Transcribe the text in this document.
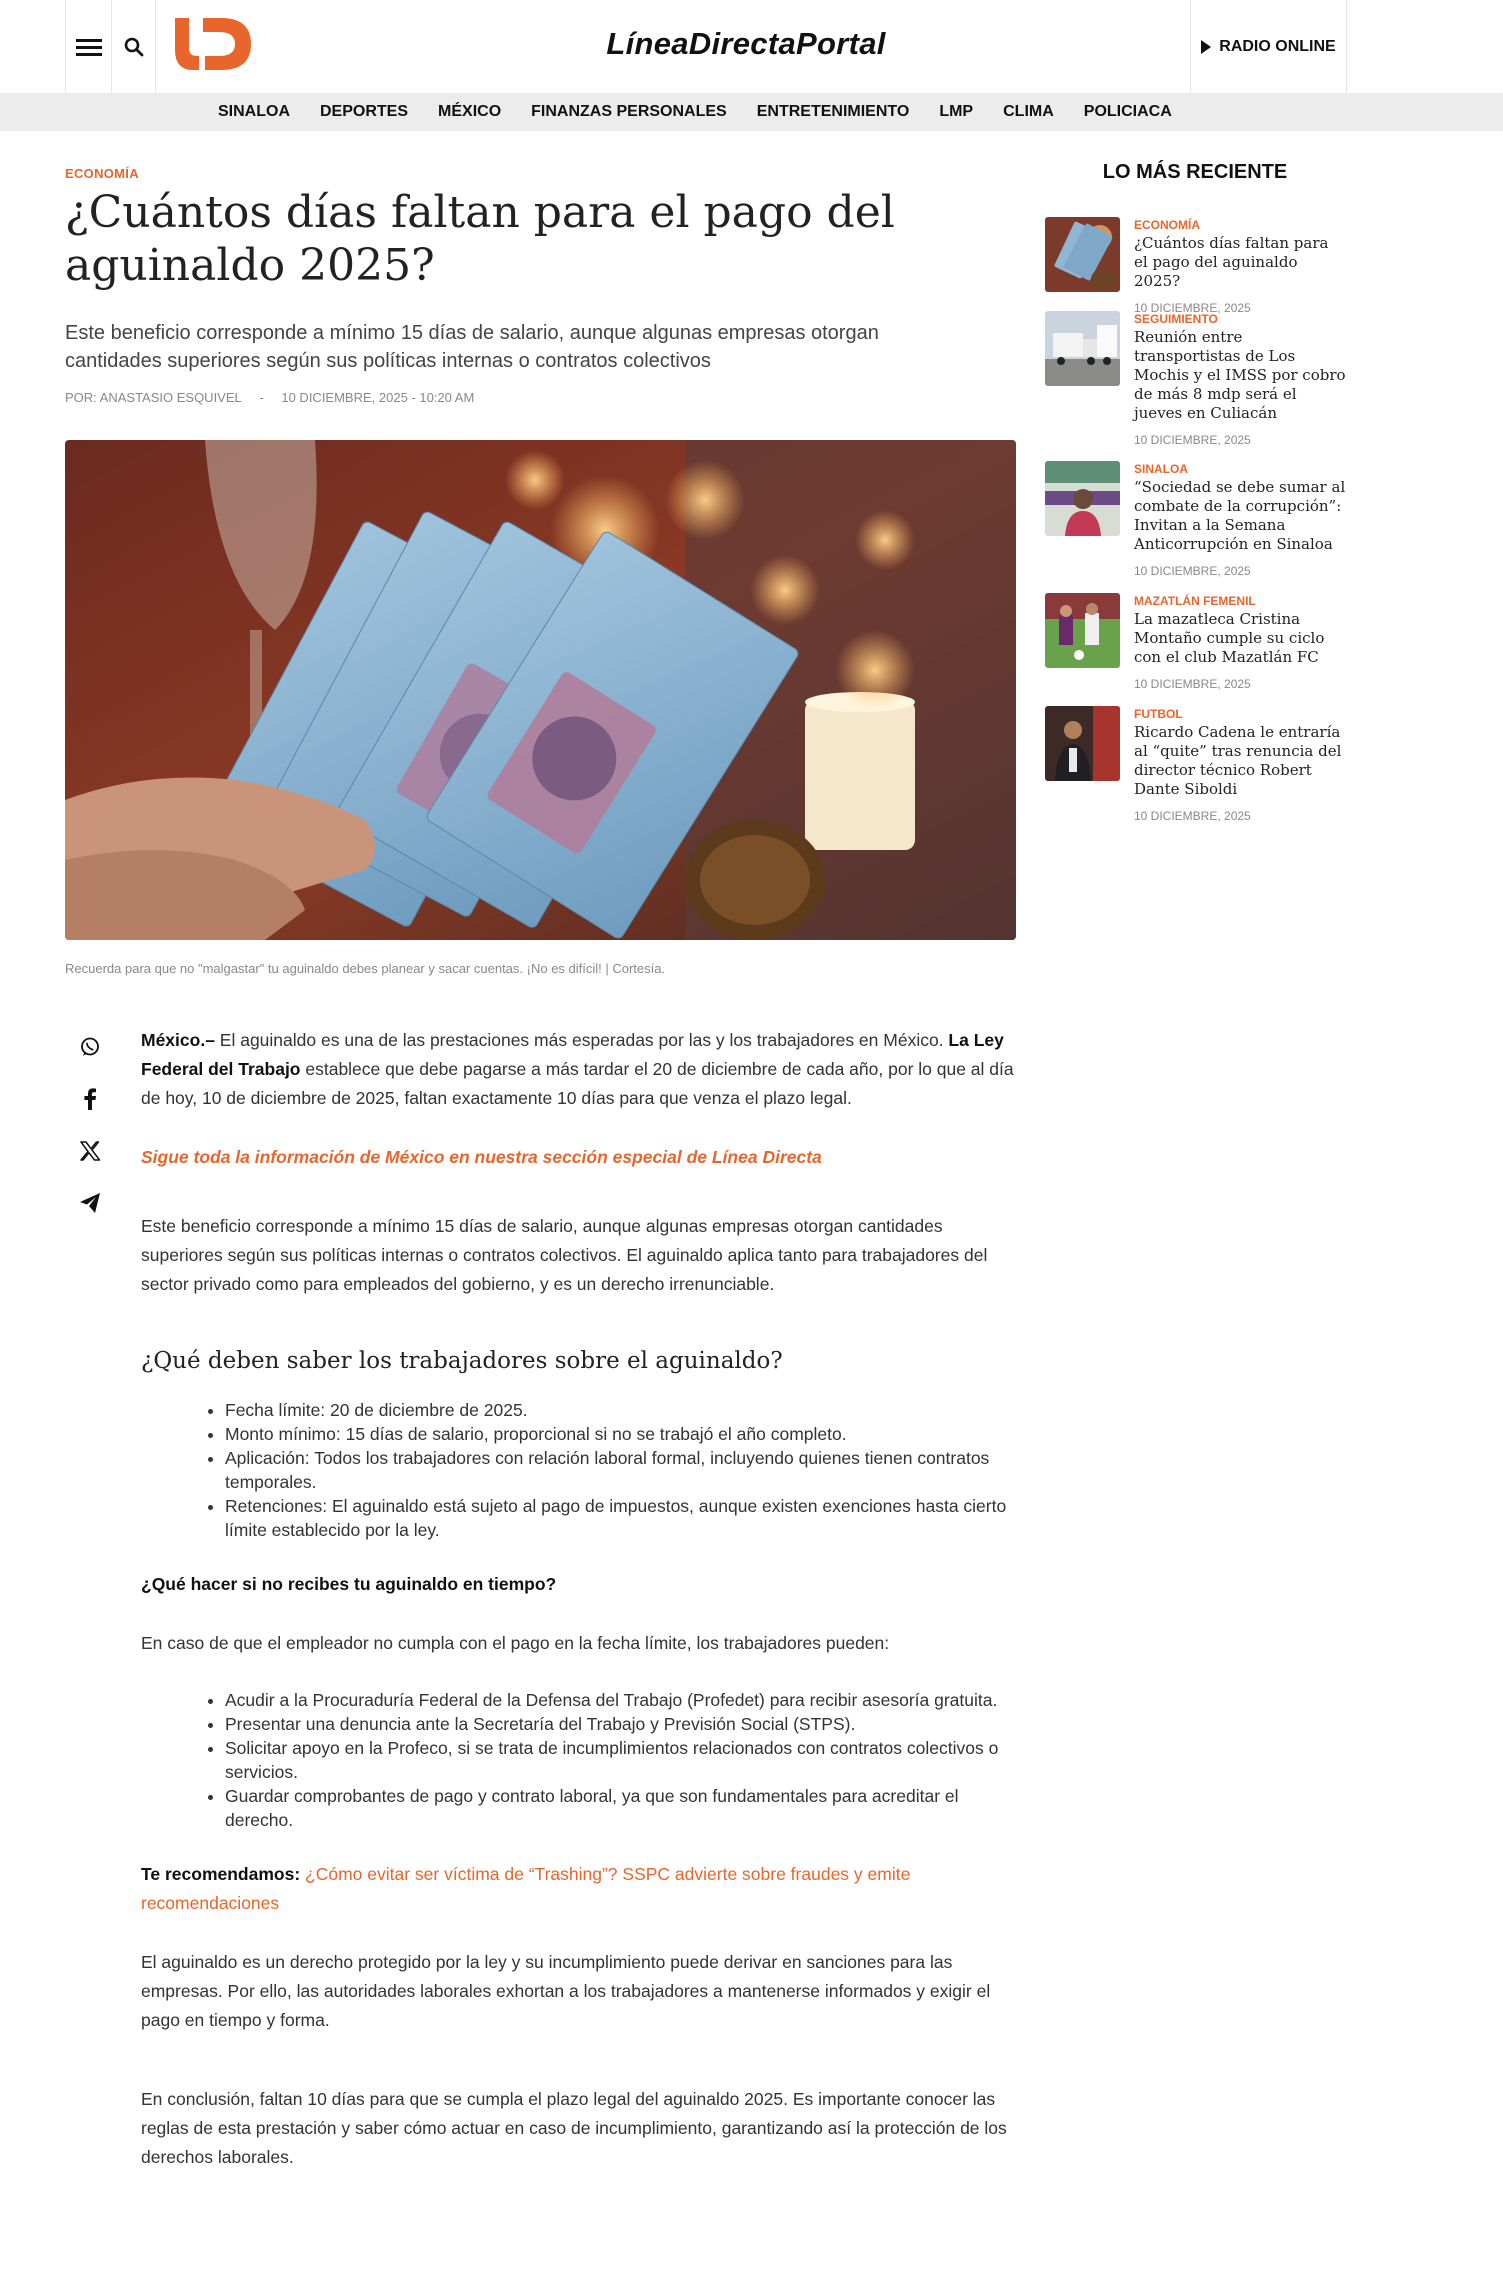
LíneaDirectaPortal	RADIO ONLINE
SINALOA DEPORTES MÉXICO FINANZAS PERSONALES ENTRETENIMIENTO LMP CLIMA POLICIACA
ECONOMÍA
¿Cuántos días faltan para el pago del aguinaldo 2025?
Este beneficio corresponde a mínimo 15 días de salario, aunque algunas empresas otorgan cantidades superiores según sus políticas internas o contratos colectivos
POR: ANASTASIO ESQUIVEL - 10 DICIEMBRE, 2025 - 10:20 AM
Recuerda para que no "malgastar" tu aguinaldo debes planear y sacar cuentas. ¡No es difícil! | Cortesía.

México.– El aguinaldo es una de las prestaciones más esperadas por las y los trabajadores en México. La Ley Federal del Trabajo establece que debe pagarse a más tardar el 20 de diciembre de cada año, por lo que al día de hoy, 10 de diciembre de 2025, faltan exactamente 10 días para que venza el plazo legal.

Sigue toda la información de México en nuestra sección especial de Línea Directa

Este beneficio corresponde a mínimo 15 días de salario, aunque algunas empresas otorgan cantidades superiores según sus políticas internas o contratos colectivos. El aguinaldo aplica tanto para trabajadores del sector privado como para empleados del gobierno, y es un derecho irrenunciable.

¿Qué deben saber los trabajadores sobre el aguinaldo?
• Fecha límite: 20 de diciembre de 2025.
• Monto mínimo: 15 días de salario, proporcional si no se trabajó el año completo.
• Aplicación: Todos los trabajadores con relación laboral formal, incluyendo quienes tienen contratos temporales.
• Retenciones: El aguinaldo está sujeto al pago de impuestos, aunque existen exenciones hasta cierto límite establecido por la ley.
¿Qué hacer si no recibes tu aguinaldo en tiempo?

En caso de que el empleador no cumpla con el pago en la fecha límite, los trabajadores pueden:

• Acudir a la Procuraduría Federal de la Defensa del Trabajo (Profedet) para recibir asesoría gratuita.
• Presentar una denuncia ante la Secretaría del Trabajo y Previsión Social (STPS).
• Solicitar apoyo en la Profeco, si se trata de incumplimientos relacionados con contratos colectivos o servicios.
• Guardar comprobantes de pago y contrato laboral, ya que son fundamentales para acreditar el derecho.

Te recomendamos: ¿Cómo evitar ser víctima de “Trashing”? SSPC advierte sobre fraudes y emite recomendaciones

El aguinaldo es un derecho protegido por la ley y su incumplimiento puede derivar en sanciones para las empresas. Por ello, las autoridades laborales exhortan a los trabajadores a mantenerse informados y exigir el pago en tiempo y forma.

En conclusión, faltan 10 días para que se cumpla el plazo legal del aguinaldo 2025. Es importante conocer las reglas de esta prestación y saber cómo actuar en caso de incumplimiento, garantizando así la protección de los derechos laborales.

LO MÁS RECIENTE
ECONOMÍA
¿Cuántos días faltan para el pago del aguinaldo 2025?
10 DICIEMBRE, 2025
SEGUIMIENTO
Reunión entre transportistas de Los Mochis y el IMSS por cobro de más 8 mdp será el jueves en Culiacán
10 DICIEMBRE, 2025
SINALOA
“Sociedad se debe sumar al combate de la corrupción”: Invitan a la Semana Anticorrupción en Sinaloa
10 DICIEMBRE, 2025
MAZATLÁN FEMENIL
La mazatleca Cristina Montaño cumple su ciclo con el club Mazatlán FC
10 DICIEMBRE, 2025
FUTBOL
Ricardo Cadena le entraría al “quite” tras renuncia del director técnico Robert Dante Siboldi
10 DICIEMBRE, 2025
